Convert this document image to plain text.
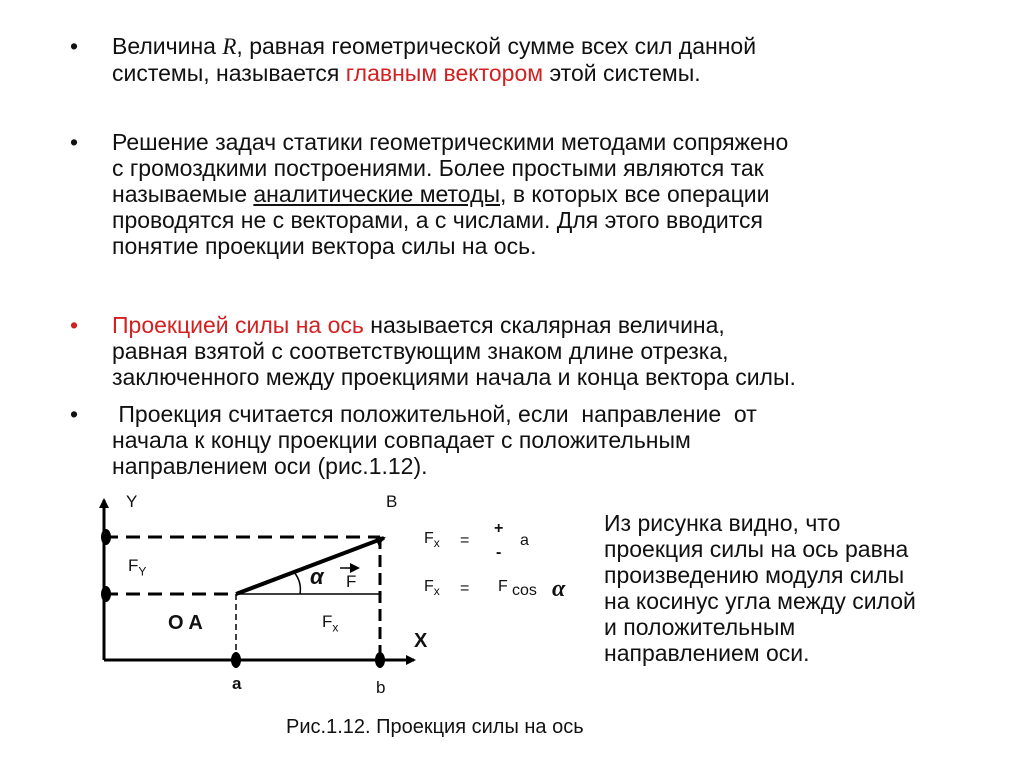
• Величина R, равная геометрической сумме всех сил данной
системы, называется главным вектором этой системы.
• Решение задач статики геометрическими методами сопряжено
с громоздкими построениями. Более простыми являются так
называемые аналитические методы, в которых все операции
проводятся не с векторами, а с числами. Для этого вводится
понятие проекции вектора силы на ось.
• Проекцией силы на ось называется скалярная величина,
равная взятой с соответствующим знаком длине отрезка,
заключенного между проекциями начала и конца вектора силы.
• Проекция считается положительной, если  направление  от
начала к концу проекции совпадает с положительным
направлением оси (рис.1.12).
Y	B
$F_Y$	α F
O A	$F_x$
X
a	b
$F_x$ =
+
-
a
$F_x = F$ cos α
Из рисунка видно, что
проекция силы на ось равна
произведению модуля силы
на косинус угла между силой
и положительным
направлением оси.
Рис.1.12. Проекция силы на ось
